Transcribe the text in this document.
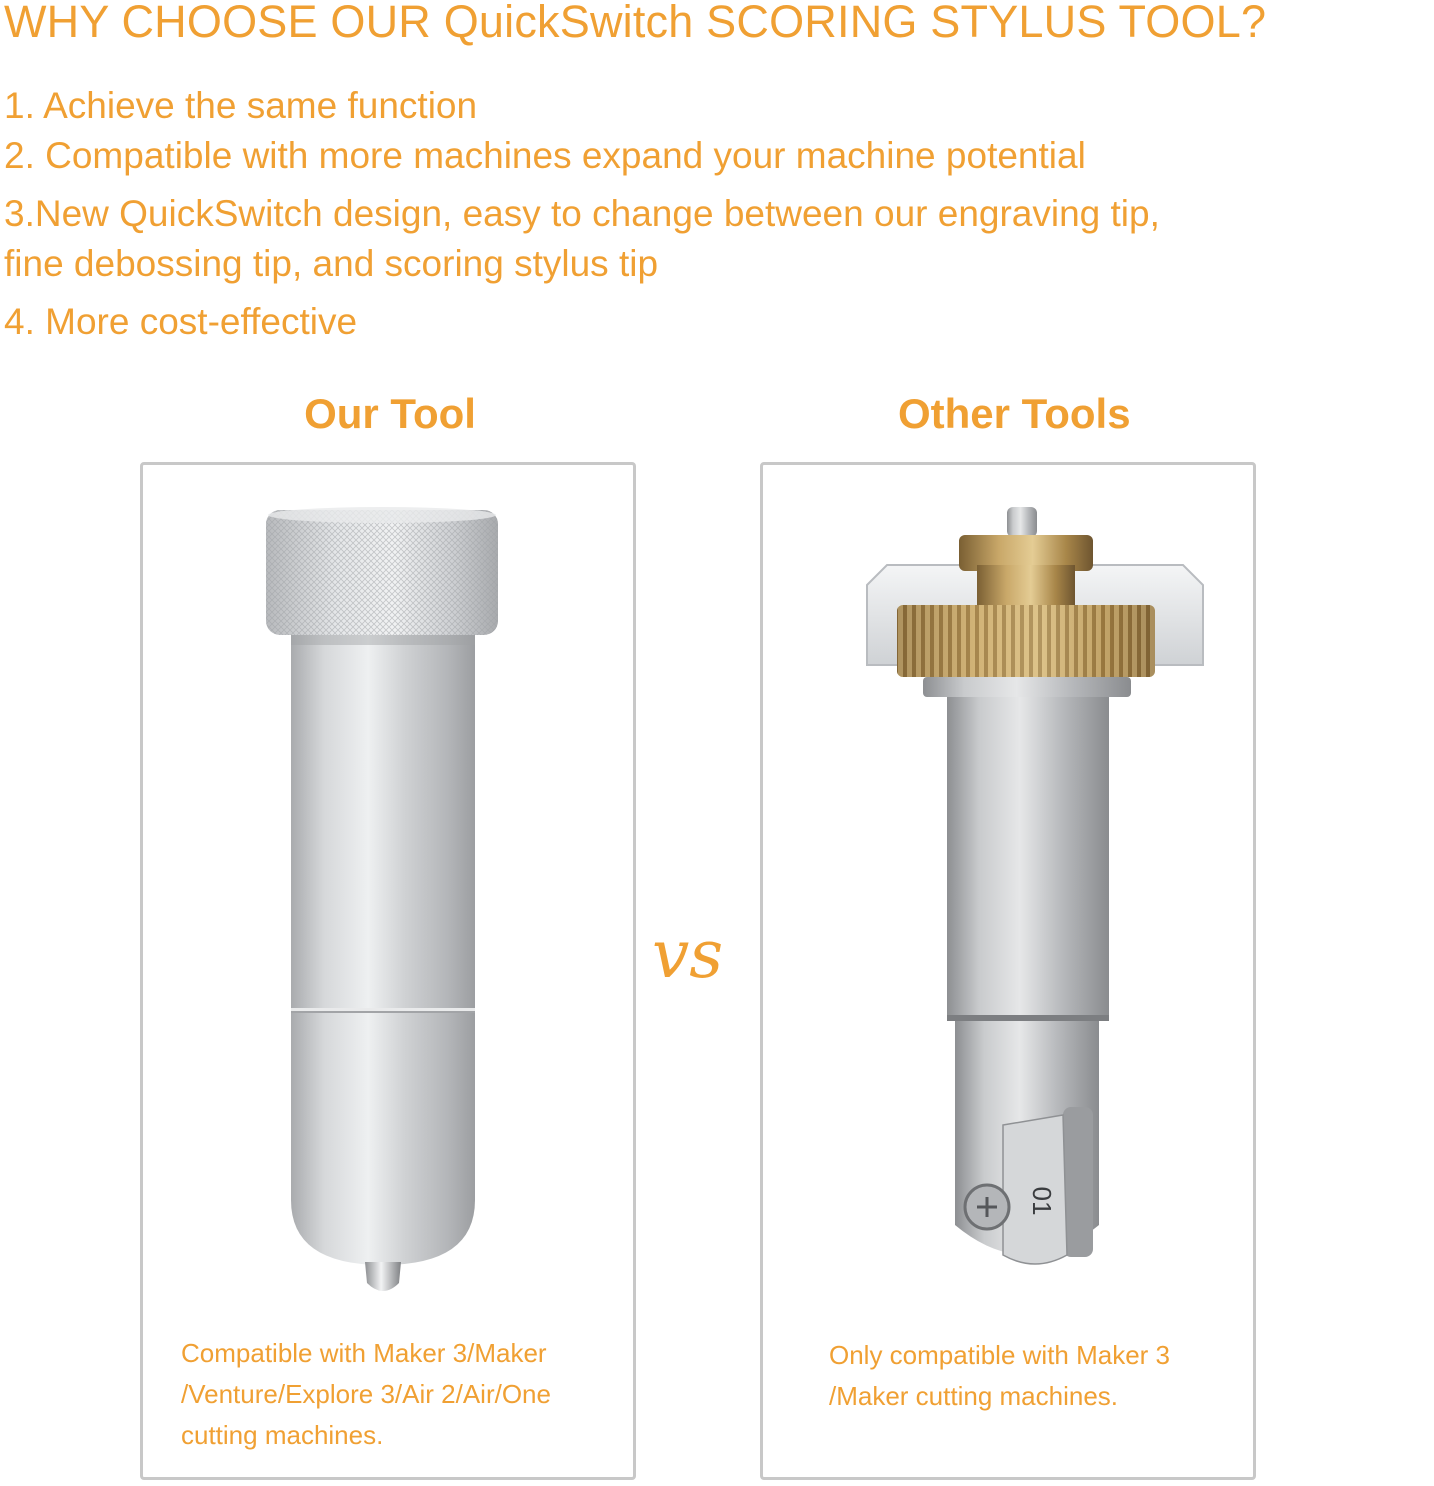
WHY CHOOSE OUR QuickSwitch SCORING STYLUS TOOL?
1. Achieve the same function
2. Compatible with more machines expand your machine potential
3.New QuickSwitch design, easy to change between our engraving tip,
fine debossing tip, and scoring stylus tip
4. More cost-effective
Our Tool	Other Tools
Compatible with Maker 3/Maker
/Venture/Explore 3/Air 2/Air/One
cutting machines.
vs
01
Only compatible with Maker 3
/Maker cutting machines.
